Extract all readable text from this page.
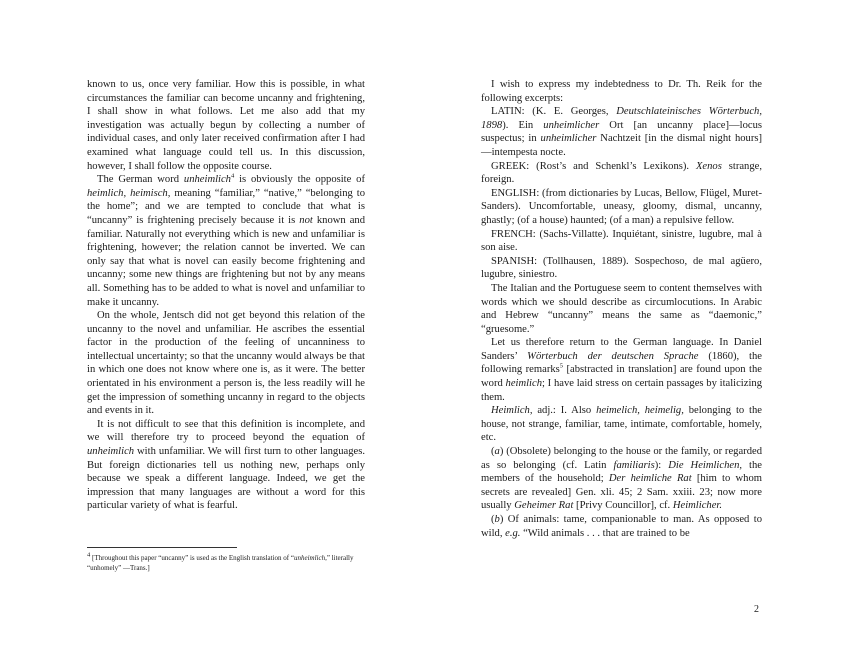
known to us, once very familiar. How this is possible, in what circumstances the familiar can become uncanny and frightening, I shall show in what follows. Let me also add that my investigation was actually begun by collecting a number of individual cases, and only later received confirmation after I had examined what language could tell us. In this discussion, however, I shall follow the opposite course.

The German word unheimlich$^4$ is obviously the opposite of heimlich, heimisch, meaning “familiar,” “native,” “belonging to the home”; and we are tempted to conclude that what is “uncanny” is frightening precisely because it is not known and familiar. Naturally not everything which is new and unfamiliar is frightening, however; the relation cannot be inverted. We can only say that what is novel can easily become frightening and uncanny; some new things are frightening but not by any means all. Something has to be added to what is novel and unfamiliar to make it uncanny.

On the whole, Jentsch did not get beyond this relation of the uncanny to the novel and unfamiliar. He ascribes the essential factor in the production of the feeling of uncanniness to intellectual uncertainty; so that the uncanny would always be that in which one does not know where one is, as it were. The better orientated in his environment a person is, the less readily will he get the impression of something uncanny in regard to the objects and events in it.

It is not difficult to see that this definition is incomplete, and we will therefore try to proceed beyond the equation of unheimlich with unfamiliar. We will first turn to other languages. But foreign dictionaries tell us nothing new, perhaps only because we speak a different language. Indeed, we get the impression that many languages are without a word for this particular variety of what is fearful.

$^4$ [Throughout this paper “uncanny” is used as the English translation of “unheimlich,” literally “unhomely” —Trans.]

I wish to express my indebtedness to Dr. Th. Reik for the following excerpts:

LATIN: (K. E. Georges, Deutschlateinisches Wörterbuch, 1898). Ein unheimlicher Ort [an uncanny place]—locus suspectus; in unheimlicher Nachtzeit [in the dismal night hours]—intempesta nocte.

GREEK: (Rost’s and Schenkl’s Lexikons). Xenos strange, foreign.

ENGLISH: (from dictionaries by Lucas, Bellow, Flügel, Muret-Sanders). Uncomfortable, uneasy, gloomy, dismal, uncanny, ghastly; (of a house) haunted; (of a man) a repulsive fellow.

FRENCH: (Sachs-Villatte). Inquiétant, sinistre, lugubre, mal à son aise.

SPANISH: (Tollhausen, 1889). Sospechoso, de mal agüero, lugubre, siniestro.

The Italian and the Portuguese seem to content themselves with words which we should describe as circumlocutions. In Arabic and Hebrew “uncanny” means the same as “daemonic,” “gruesome.”

Let us therefore return to the German language. In Daniel Sanders’ Wörterbuch der deutschen Sprache (1860), the following remarks$^5$ [abstracted in translation] are found upon the word heimlich; I have laid stress on certain passages by italicizing them.

Heimlich, adj.: I. Also heimelich, heimelig, belonging to the house, not strange, familiar, tame, intimate, comfortable, homely, etc.

(a) (Obsolete) belonging to the house or the family, or regarded as so belonging (cf. Latin familiaris): Die Heimlichen, the members of the household; Der heimliche Rat [him to whom secrets are revealed] Gen. xli. 45; 2 Sam. xxiii. 23; now more usually Geheimer Rat [Privy Councillor], cf. Heimlicher.

(b) Of animals: tame, companionable to man. As opposed to wild, e.g. “Wild animals . . . that are trained to be

2
